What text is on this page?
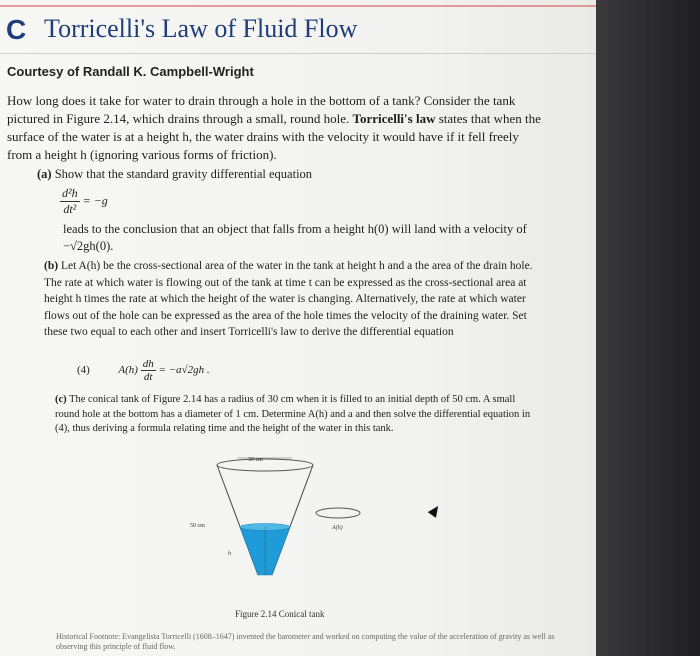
C Torricelli's Law of Fluid Flow
Courtesy of Randall K. Campbell-Wright
How long does it take for water to drain through a hole in the bottom of a tank? Consider the tank pictured in Figure 2.14, which drains through a small, round hole. Torricelli's law states that when the surface of the water is at a height h, the water drains with the velocity it would have if it fell freely from a height h (ignoring various forms of friction).
(a) Show that the standard gravity differential equation
$\frac{\text{d²h}}{\text{dt²}} = -g$
leads to the conclusion that an object that falls from a height h(0) will land with a velocity of −√2gh(0).
(b) Let A(h) be the cross-sectional area of the water in the tank at height h and a the area of the drain hole. The rate at which water is flowing out of the tank at time t can be expressed as the cross-sectional area at height h times the rate at which the height of the water is changing. Alternatively, the rate at which water flows out of the hole can be expressed as the area of the hole times the velocity of the draining water. Set these two equal to each other and insert Torricelli's law to derive the differential equation
(4)	$A(h) \frac{dh}{dt} = -a√2gh$ .
(c) The conical tank of Figure 2.14 has a radius of 30 cm when it is filled to an initial depth of 50 cm. A small round hole at the bottom has a diameter of 1 cm. Determine A(h) and a and then solve the differential equation in (4), thus deriving a formula relating time and the height of the water in this tank.
30 cm
50 cm
h
A(h)
Figure 2.14 Conical tank
Historical Footnote: Evangelista Torricelli (1608–1647) invented the barometer and worked on computing the value of the acceleration of gravity as well as observing this principle of fluid flow.
